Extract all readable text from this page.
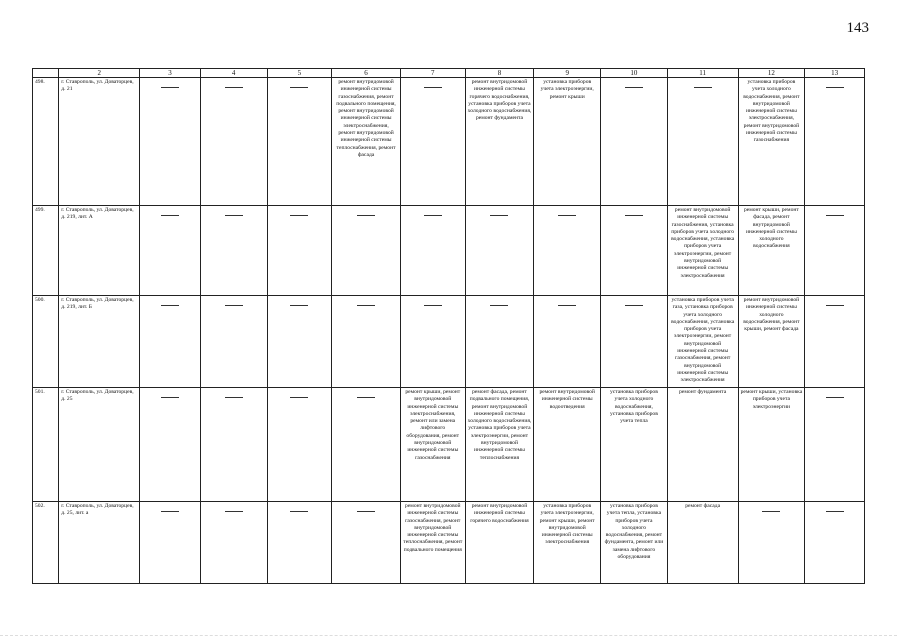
143
	2	3	4	5	6	7	8	9	10	11	12	13
498.	г. Ставрополь, ул. Доваторцев, д. 21				ремонт внутридомовой инженерной системы газоснабжения, ремонт подвального помещения, ремонт внутридомовой инженерной системы электроснабжения, ремонт внутридомовой инженерной системы теплоснабжения, ремонт фасада		ремонт внутридомовой инженерной системы горячего водоснабжения, установка приборов учета холодного водоснабжения, ремонт фундамента	установка приборов учета электроэнергии, ремонт крыши			установка приборов учета холодного водоснабжения, ремонт внутридомовой инженерной системы электроснабжения, ремонт внутридомовой инженерной системы газоснабжения	

499.	г. Ставрополь, ул. Доваторцев, д. 219, лит. А									ремонт внутридомовой инженерной системы газоснабжения, установка приборов учета холодного водоснабжения, установка приборов учета электроэнергии, ремонт внутридомовой инженерной системы электроснабжения	ремонт крыши, ремонт фасада, ремонт внутридомовой инженерной системы холодного водоснабжения	

500.	г. Ставрополь, ул. Доваторцев, д. 219, лит. Б									установка приборов учета газа, установка приборов учета холодного водоснабжения, установка приборов учета электроэнергии, ремонт внутридомовой инженерной системы газоснабжения, ремонт внутридомовой инженерной системы электроснабжения	ремонт внутридомовой инженерной системы холодного водоснабжения, ремонт крыши, ремонт фасада	

501.	г. Ставрополь, ул. Доваторцев, д. 25					ремонт крыши, ремонт внутридомовой инженерной системы электроснабжения, ремонт или замена лифтового оборудования, ремонт внутридомовой инженерной системы газоснабжения	ремонт фасада, ремонт подвального помещения, ремонт внутридомовой инженерной системы холодного водоснабжения, установка приборов учета электроэнергии, ремонт внутридомовой инженерной системы теплоснабжения	ремонт внутридомовой инженерной системы водоотведения	установка приборов учета холодного водоснабжения, установка приборов учета тепла	ремонт фундамента	ремонт крыши, установка приборов учета электроэнергии	

502.	г. Ставрополь, ул. Доваторцев, д. 25, лит. а					ремонт внутридомовой инженерной системы газоснабжения, ремонт внутридомовой инженерной системы теплоснабжения, ремонт подвального помещения	ремонт внутридомовой инженерной системы горячего водоснабжения	установка приборов учета электроэнергии, ремонт крыши, ремонт внутридомовой инженерной системы электроснабжения	установка приборов учета тепла, установка приборов учета холодного водоснабжения, ремонт фундамента, ремонт или замена лифтового оборудования	ремонт фасада	
